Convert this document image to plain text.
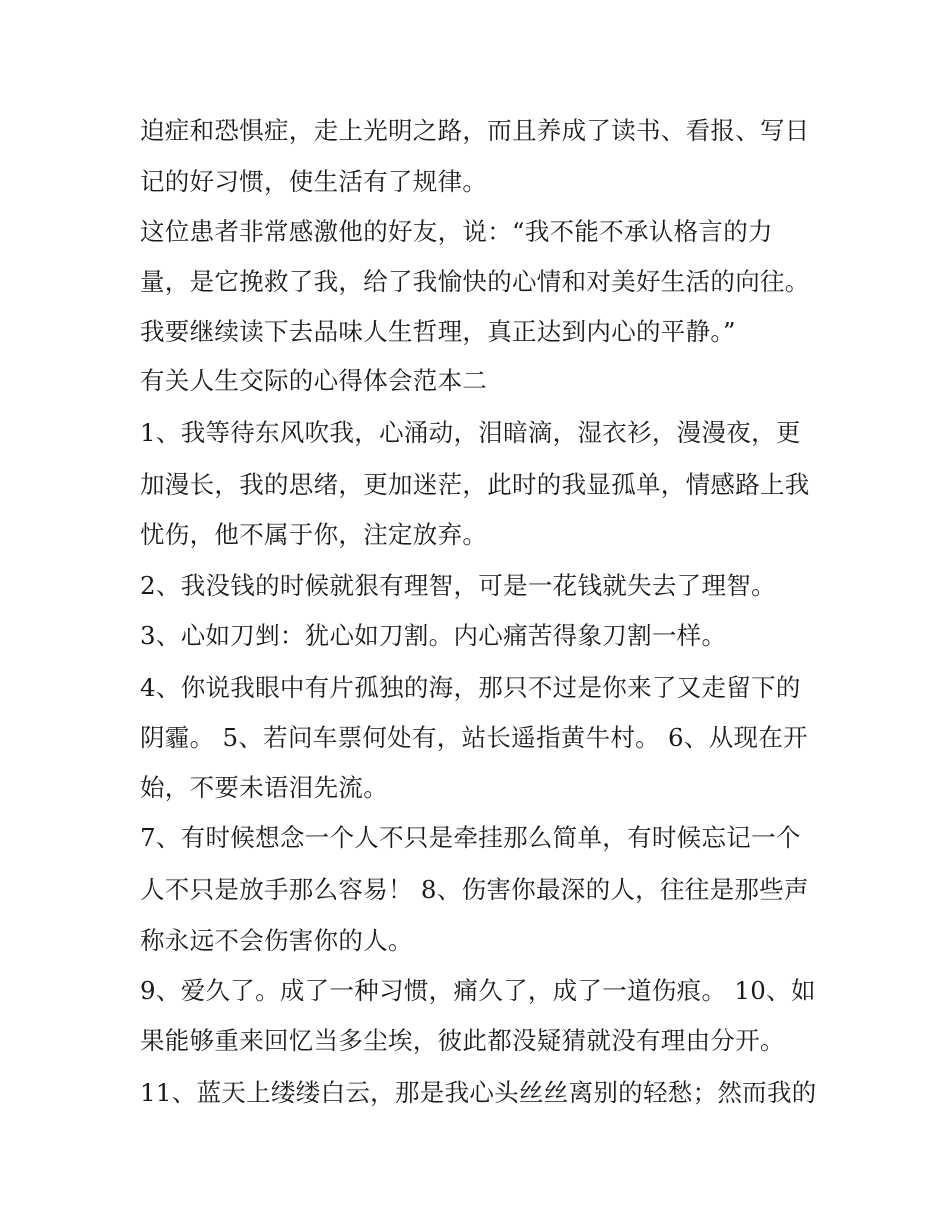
迫症和恐惧症，走上光明之路，而且养成了读书、看报、写日
记的好习惯，使生活有了规律。
这位患者非常感激他的好友，说：“我不能不承认格言的力
量，是它挽救了我，给了我愉快的心情和对美好生活的向往。
我要继续读下去品味人生哲理，真正达到内心的平静。”
有关人生交际的心得体会范本二
1、我等待东风吹我，心涌动，泪暗滴，湿衣衫，漫漫夜，更
加漫长，我的思绪，更加迷茫，此时的我显孤单，情感路上我
忧伤，他不属于你，注定放弃。
2、我没钱的时候就狠有理智，可是一花钱就失去了理智。
3、心如刀剉：犹心如刀割。内心痛苦得象刀割一样。
4、你说我眼中有片孤独的海，那只不过是你来了又走留下的
阴霾。 5、若问车票何处有，站长遥指黄牛村。 6、从现在开
始，不要未语泪先流。
7、有时候想念一个人不只是牵挂那么简单，有时候忘记一个
人不只是放手那么容易！ 8、伤害你最深的人，往往是那些声
称永远不会伤害你的人。
9、爱久了。成了一种习惯，痛久了，成了一道伤痕。 10、如
果能够重来回忆当多尘埃，彼此都没疑猜就没有理由分开。
11、蓝天上缕缕白云，那是我心头丝丝离别的轻愁；然而我的
